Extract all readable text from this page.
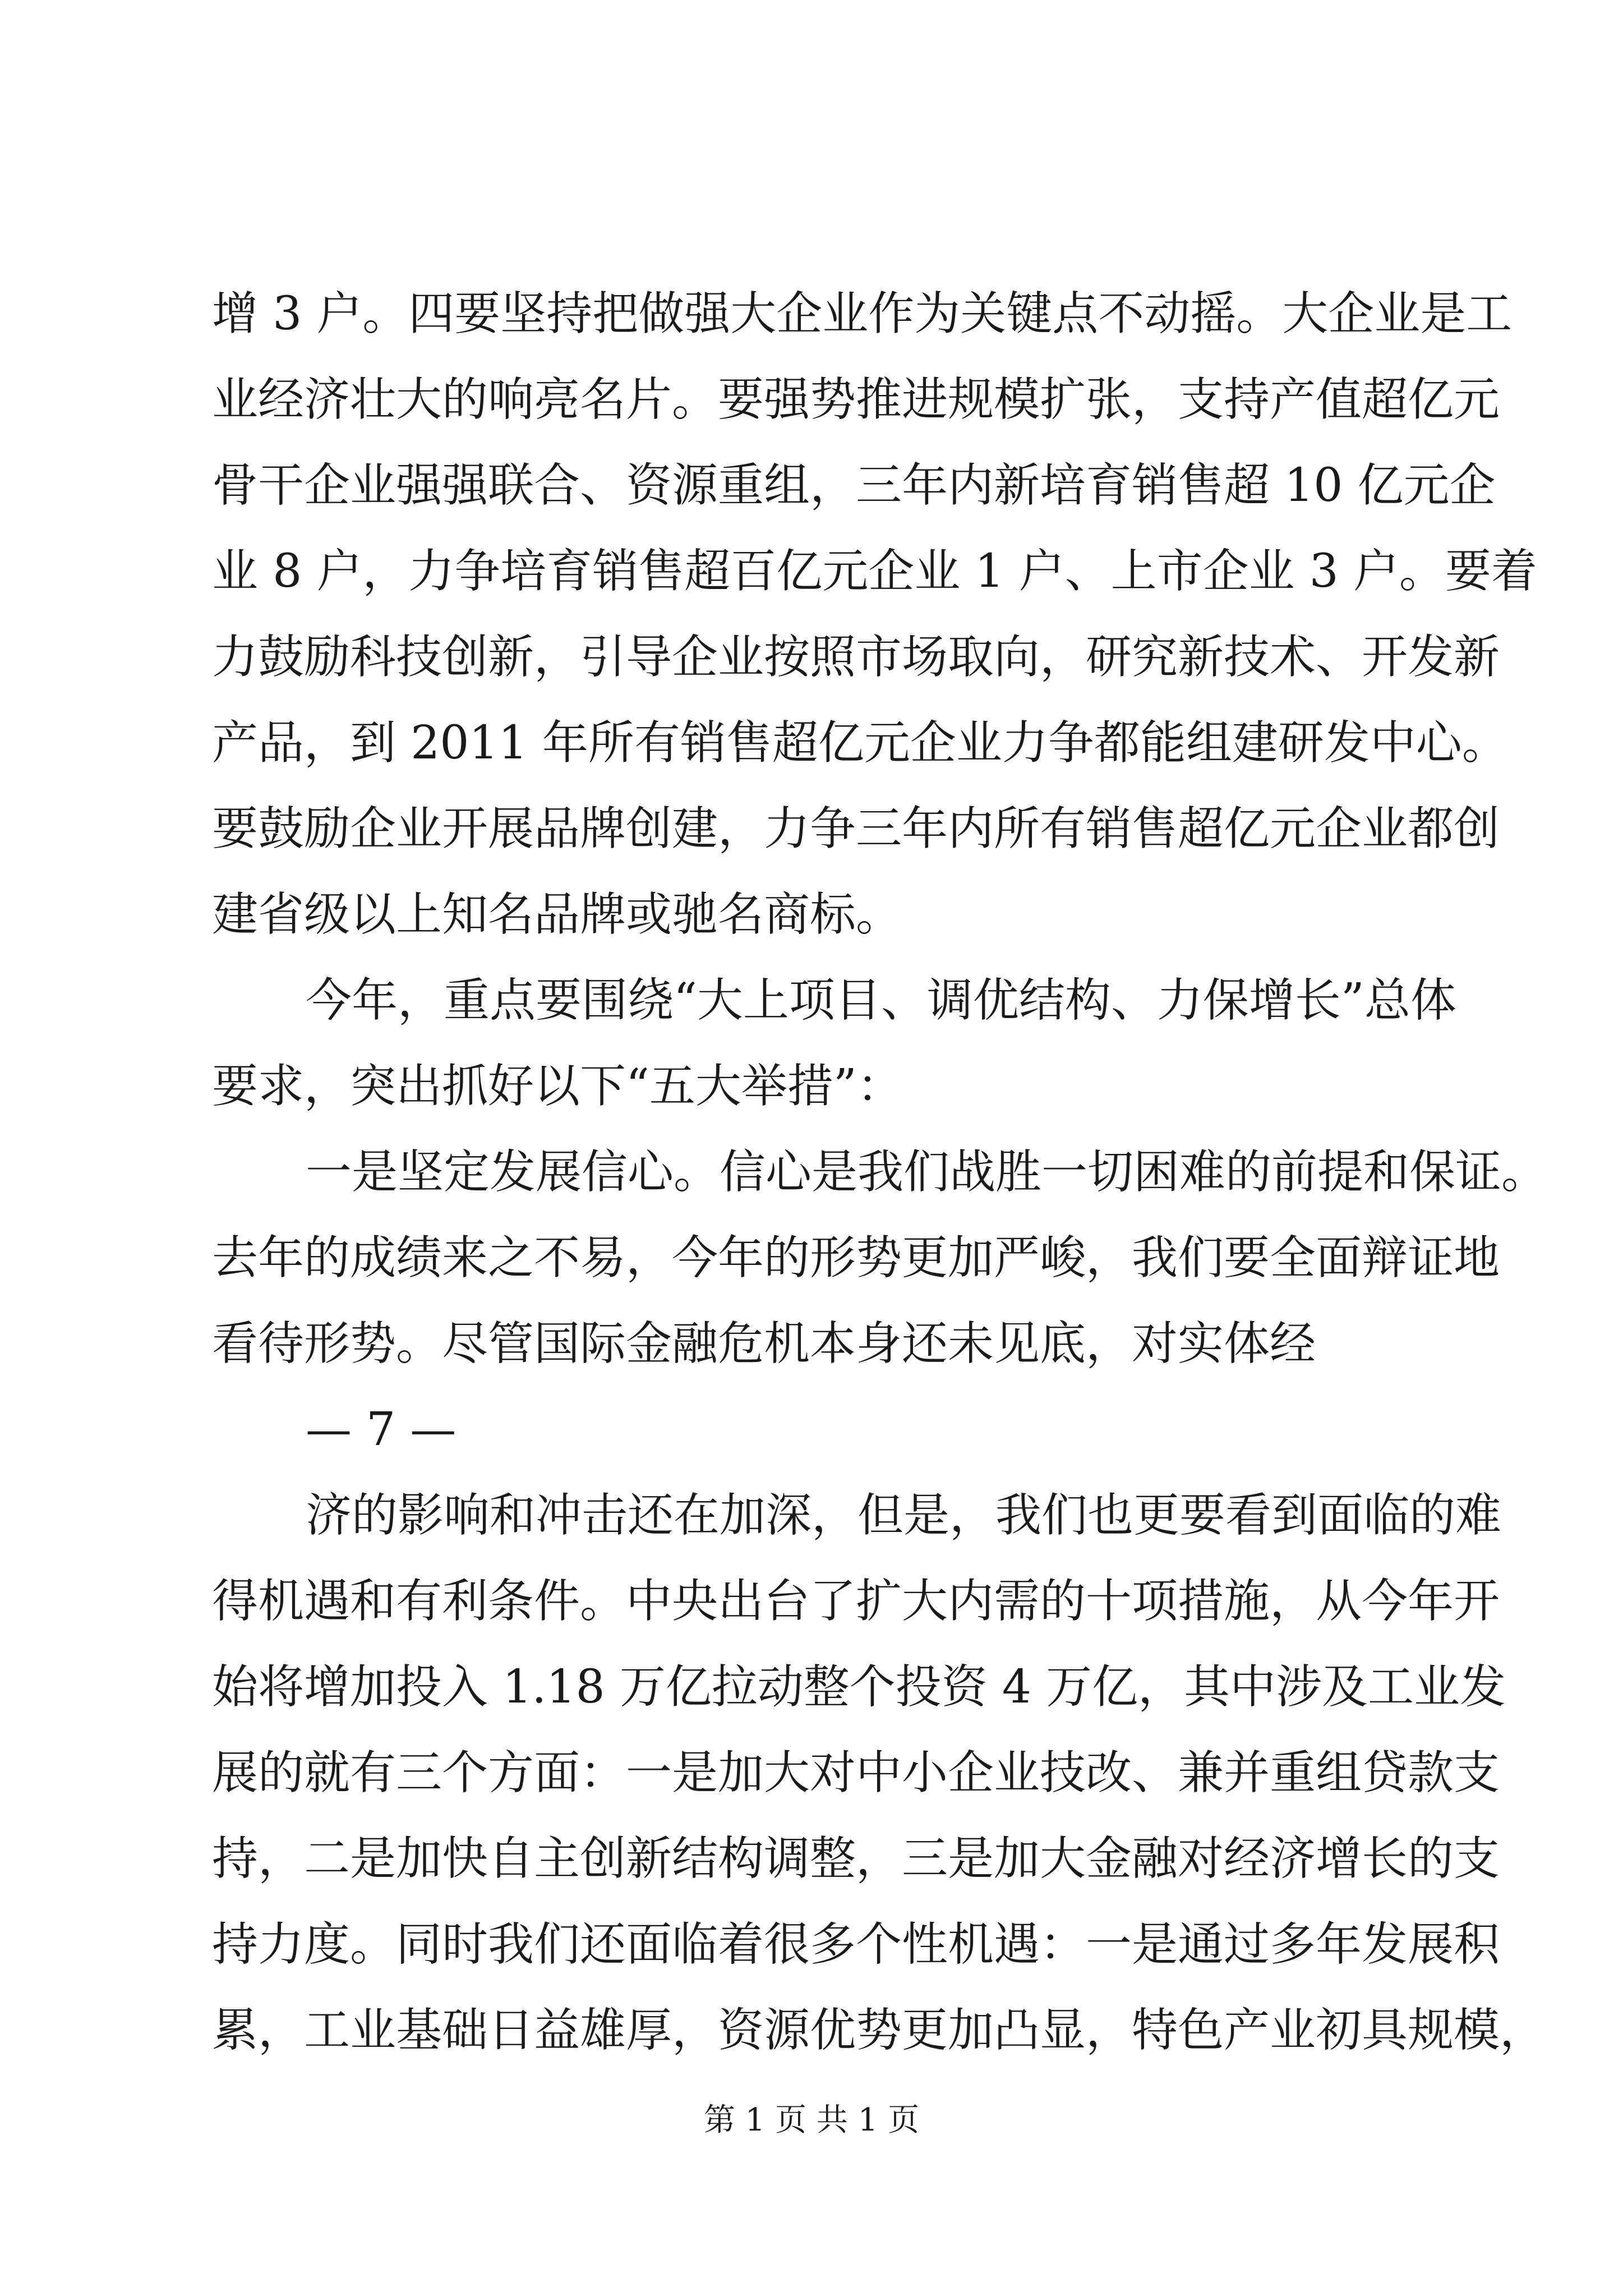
增 3 户。四要坚持把做强大企业作为关键点不动摇。大企业是工
业经济壮大的响亮名片。要强势推进规模扩张，支持产值超亿元
骨干企业强强联合、资源重组，三年内新培育销售超 10 亿元企
业 8 户，力争培育销售超百亿元企业 1 户、上市企业 3 户。要着
力鼓励科技创新，引导企业按照市场取向，研究新技术、开发新
产品，到 2011 年所有销售超亿元企业力争都能组建研发中心。
要鼓励企业开展品牌创建，力争三年内所有销售超亿元企业都创
建省级以上知名品牌或驰名商标。
今年，重点要围绕“大上项目、调优结构、力保增长”总体
要求，突出抓好以下“五大举措”：
一是坚定发展信心。信心是我们战胜一切困难的前提和保证。
去年的成绩来之不易，今年的形势更加严峻，我们要全面辩证地
看待形势。尽管国际金融危机本身还未见底，对实体经
— 7 —
济的影响和冲击还在加深，但是，我们也更要看到面临的难
得机遇和有利条件。中央出台了扩大内需的十项措施，从今年开
始将增加投入 1.18 万亿拉动整个投资 4 万亿，其中涉及工业发
展的就有三个方面：一是加大对中小企业技改、兼并重组贷款支
持，二是加快自主创新结构调整，三是加大金融对经济增长的支
持力度。同时我们还面临着很多个性机遇：一是通过多年发展积
累，工业基础日益雄厚，资源优势更加凸显，特色产业初具规模，
第 1 页 共 1 页
